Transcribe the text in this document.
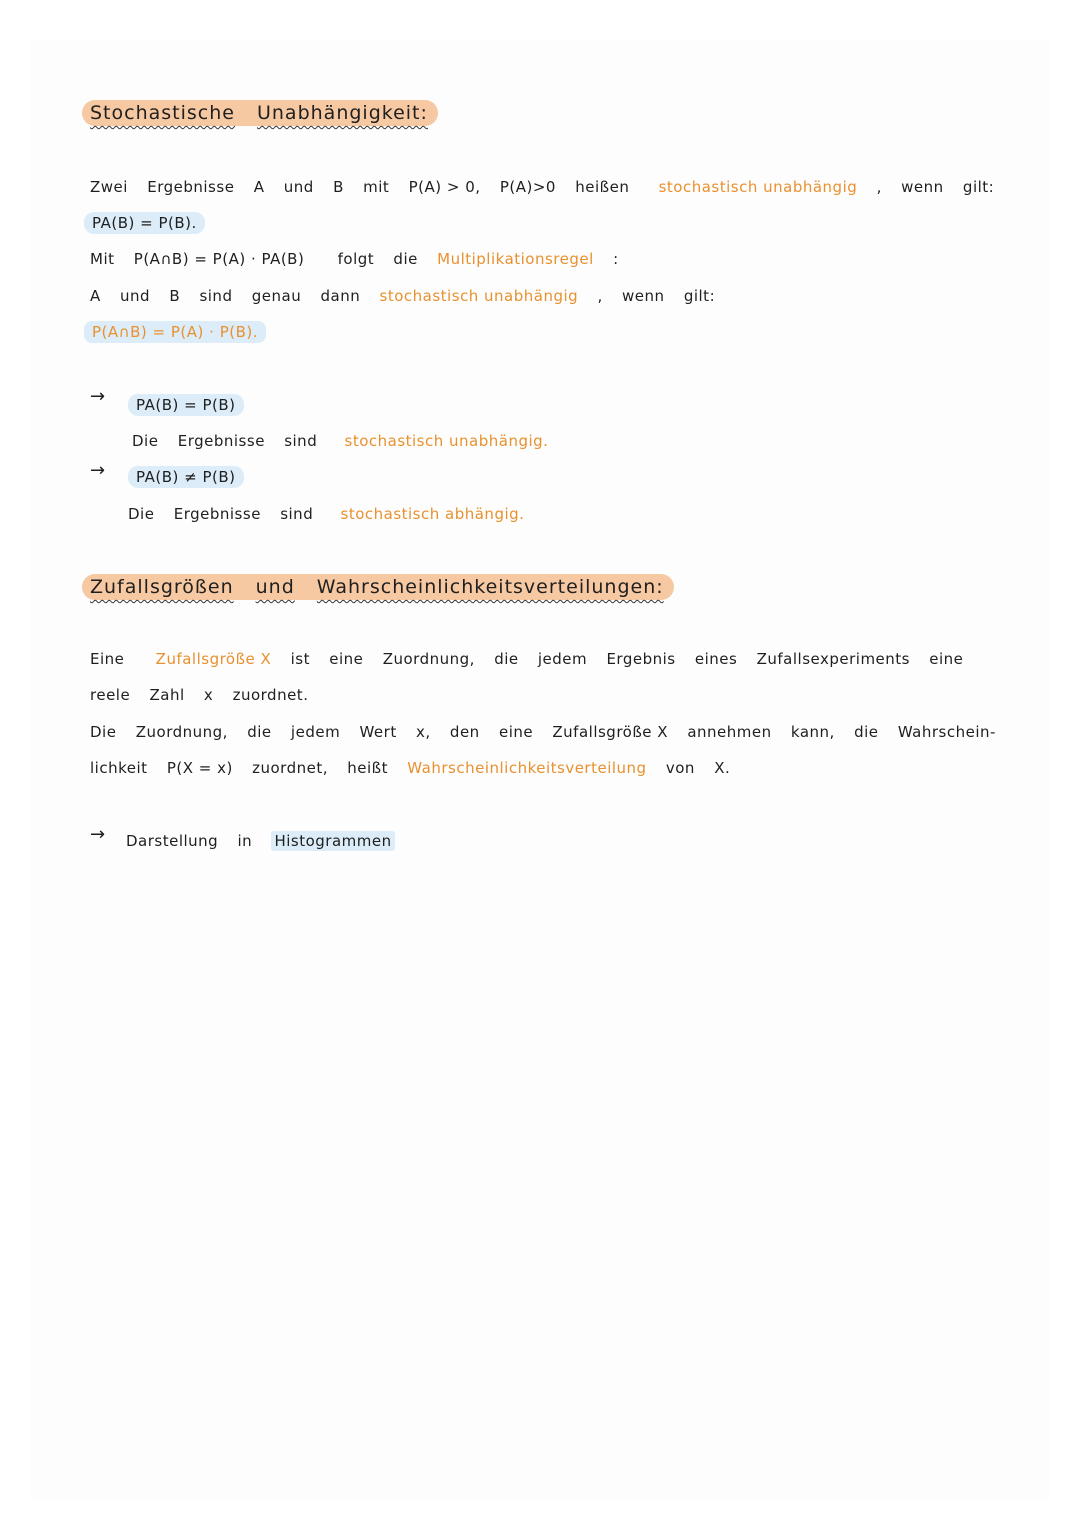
Stochastische Unabhängigkeit:
Zwei Ergebnisse A und B mit P(A) > 0, P(A)>0 heißen stochastisch unabhängig , wenn gilt:
PA(B) = P(B).
Mit P(A∩B) = P(A) · PA(B) folgt die Multiplikationsregel :
A und B sind genau dann stochastisch unabhängig , wenn gilt:
P(A∩B) = P(A) · P(B).
→	PA(B) = P(B)
Die Ergebnisse sind stochastisch unabhängig.
→	PA(B) ≠ P(B)
Die Ergebnisse sind stochastisch abhängig.
Zufallsgrößen und Wahrscheinlichkeitsverteilungen:
Eine Zufallsgröße X ist eine Zuordnung, die jedem Ergebnis eines Zufallsexperiments eine
reele Zahl x zuordnet.
Die Zuordnung, die jedem Wert x, den eine Zufallsgröße X annehmen kann, die Wahrschein-
lichkeit P(X = x) zuordnet, heißt Wahrscheinlichkeitsverteilung von X.
→ Darstellung in Histogrammen
